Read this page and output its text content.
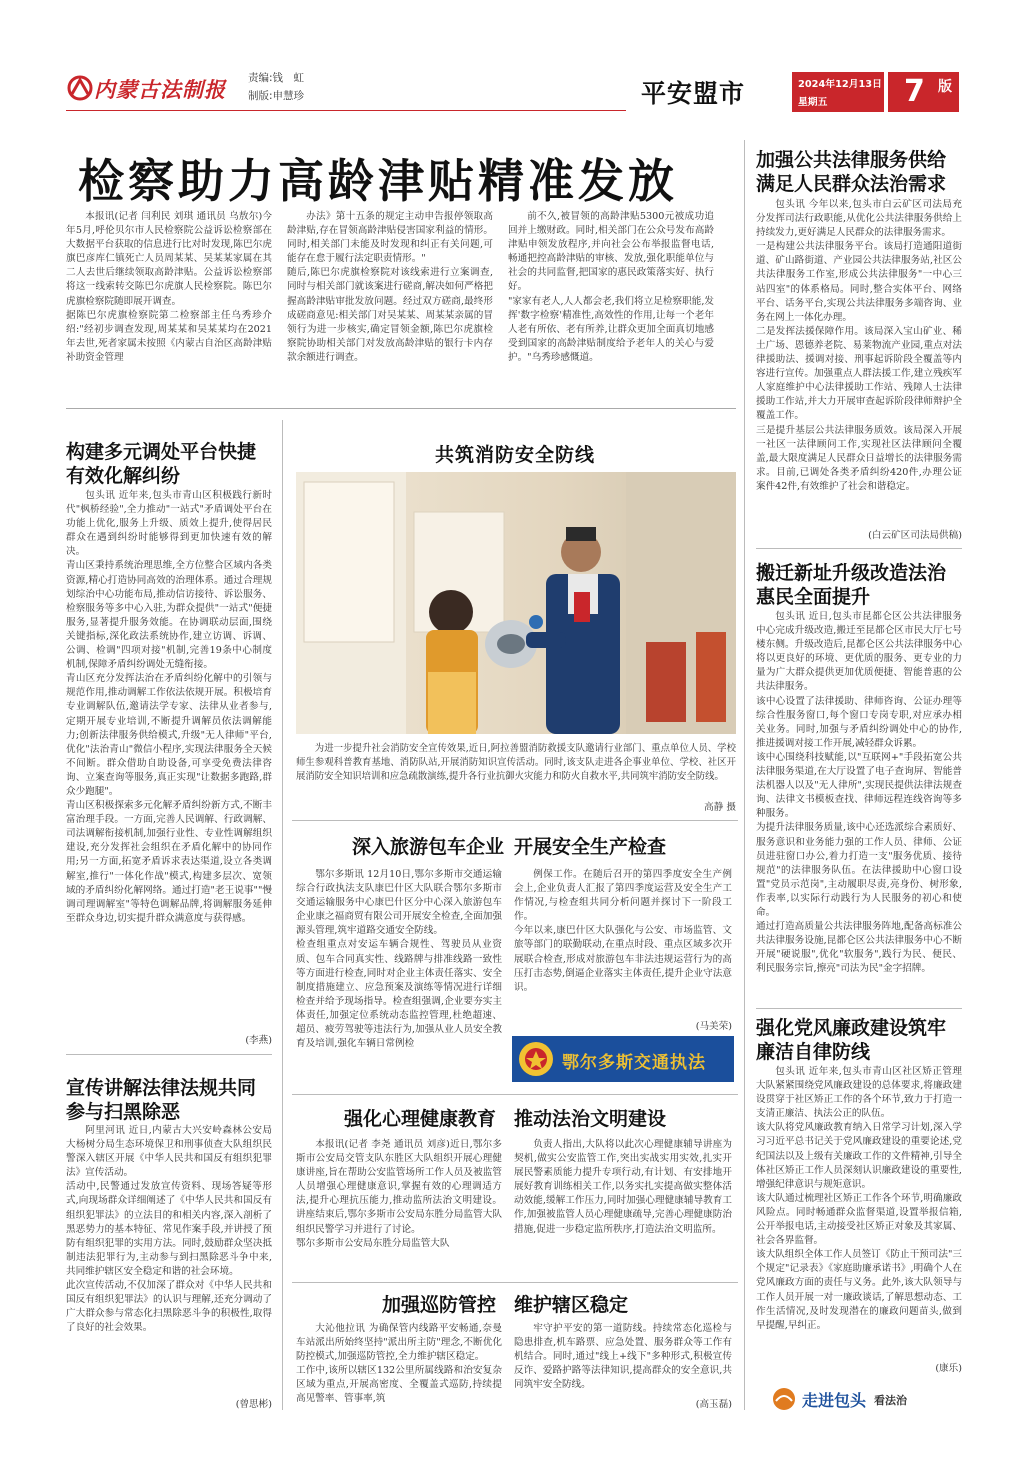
内蒙古法制报 责编:钱　虹
制版:申慧珍	平安盟市	2024年12月13日
星期五	7 版
检察助力高龄津贴精准发放
本报讯(记者 闫利民 刘琪 通讯员 乌敖尔)今年5月,呼伦贝尔市人民检察院公益诉讼检察部在大数据平台获取的信息进行比对时发现,陈巴尔虎旗巴彦库仁镇死亡人员周某某、吴某某家属在其二人去世后继续领取高龄津贴。公益诉讼检察部将这一线索转交陈巴尔虎旗人民检察院。陈巴尔虎旗检察院随即展开调查。
据陈巴尔虎旗检察院第二检察部主任乌秀珍介绍:"经初步调查发现,周某某和吴某某均在2021年去世,死者家属未按照《内蒙古自治区高龄津贴补助资金管理
办法》第十五条的规定主动申告报停领取高龄津贴,存在冒领高龄津贴侵害国家利益的情形。同时,相关部门未能及时发现和纠正有关问题,可能存在怠于履行法定职责情形。"
随后,陈巴尔虎旗检察院对该线索进行立案调查,同时与相关部门就该案进行磋商,解决如何严格把握高龄津贴审批发放问题。经过双方磋商,最终形成磋商意见:相关部门对吴某某、周某某亲属的冒领行为进一步核实,确定冒领金额,陈巴尔虎旗检察院协助相关部门对发放高龄津贴的银行卡内存款余额进行调查。
前不久,被冒领的高龄津贴5300元被成功追回并上缴财政。同时,相关部门在公众号发布高龄津贴申领发放程序,并向社会公布举报监督电话,畅通把控高龄津贴的审核、发放,强化职能单位与社会的共同监督,把国家的惠民政策落实好、执行好。
"家家有老人,人人都会老,我们将立足检察职能,发挥'数字检察'精准性,高效性的作用,让每一个老年人老有所依、老有所养,让群众更加全面真切地感受到国家的高龄津贴制度给予老年人的关心与爱护。"乌秀珍感慨道。
加强公共法律服务供给满足人民群众法治需求
包头讯 今年以来,包头市白云矿区司法局充分发挥司法行政职能,从优化公共法律服务供给上持续发力,更好满足人民群众的法律服务需求。
一是构建公共法律服务平台。该局打造通阳道街道、矿山路街道、产业园公共法律服务站,社区公共法律服务工作室,形成公共法律服务"一中心三站四室"的体系格局。同时,整合实体平台、网络平台、话务平台,实现公共法律服务多端咨询、业务在网上一体化办理。
二是发挥法援保障作用。该局深入宝山矿业、稀土广场、恩德养老院、易莱物流产业园,重点对法律援助法、援调对接、刑事起诉阶段全覆盖等内容进行宣传。加强重点人群法援工作,建立残疾军人家庭维护中心法律援助工作站、残障人士法律援助工作站,并大力开展审查起诉阶段律师辩护全覆盖工作。
三是提升基层公共法律服务质效。该局深入开展一社区一法律顾问工作,实现社区法律顾问全覆盖,最大限度满足人民群众日益增长的法律服务需求。目前,已调处各类矛盾纠纷420件,办理公证案件42件,有效维护了社会和谐稳定。
(白云矿区司法局供稿)
搬迁新址升级改造法治惠民全面提升
包头讯 近日,包头市昆都仑区公共法律服务中心完成升级改造,搬迁至昆都仑区市民大厅七号楼东侧。升级改造后,昆都仑区公共法律服务中心将以更良好的环境、更优质的服务、更专业的力量为广大群众提供更加优质便捷、智能普惠的公共法律服务。
该中心设置了法律援助、律师咨询、公证办理等综合性服务窗口,每个窗口专岗专职,对应承办相关业务。同时,加强与矛盾纠纷调处中心的协作,推进援调对接工作开展,减轻群众诉累。
该中心围绕科技赋能,以"互联网+"手段拓宽公共法律服务渠道,在大厅设置了电子查询屏、智能普法机器人以及"无人律所",实现民提供法律法规查询、法律文书模板查找、律师远程连线咨询等多种服务。
为提升法律服务质量,该中心还选派综合素质好、服务意识和业务能力强的工作人员、律师、公证员进驻窗口办公,着力打造一支"服务优质、接待规范"的法律服务队伍。在法律援助中心窗口设置"党员示范岗",主动履职尽责,亮身份、树形象,作表率,以实际行动践行为人民服务的初心和使命。
通过打造高质量公共法律服务阵地,配备高标准公共法律服务设施,昆都仑区公共法律服务中心不断开展"硬说服",优化"软服务",践行为民、便民、利民服务宗旨,擦亮"司法为民"金字招牌。
强化党风廉政建设筑牢廉洁自律防线
包头讯 近年来,包头市青山区社区矫正管理大队紧紧围绕党风廉政建设的总体要求,将廉政建设贯穿于社区矫正工作的各个环节,致力于打造一支清正廉洁、执法公正的队伍。
该大队将党风廉政教育纳入日常学习计划,深入学习习近平总书记关于党风廉政建设的重要论述,党纪国法以及上级有关廉政工作的文件精神,引导全体社区矫正工作人员深刻认识廉政建设的重要性,增强纪律意识与规矩意识。
该大队通过梳理社区矫正工作各个环节,明确廉政风险点。同时畅通群众监督渠道,设置举报信箱,公开举报电话,主动接受社区矫正对象及其家属、社会各界监督。
该大队组织全体工作人员签订《防止干预司法"三个规定"记录表》《家庭助廉承诺书》,明确个人在党风廉政方面的责任与义务。此外,该大队领导与工作人员开展一对一廉政谈话,了解思想动态、工作生活情况,及时发现潜在的廉政问题苗头,做到早提醒,早纠正。
(康乐)
构建多元调处平台快捷有效化解纠纷
包头讯 近年来,包头市青山区积极践行新时代"枫桥经验",全力推动"一站式"矛盾调处平台在功能上优化,服务上升级、质效上提升,使得居民群众在遇到纠纷时能够得到更加快速有效的解决。
青山区秉持系统治理思维,全方位整合区域内各类资源,精心打造协同高效的治理体系。通过合理规划综治中心功能布局,推动信访接待、诉讼服务、检察服务等多中心入驻,为群众提供"一站式"便捷服务,显著提升服务效能。在协调联动层面,围绕关键指标,深化政法系统协作,建立访调、诉调、公调、检调"四项对接"机制,完善19条中心制度机制,保障矛盾纠纷调处无缝衔接。
青山区充分发挥法治在矛盾纠纷化解中的引领与规范作用,推动调解工作依法依规开展。积极培育专业调解队伍,邀请法学专家、法律从业者参与,定期开展专业培训,不断提升调解员依法调解能力;创新法律服务供给模式,升级"无人律师"平台,优化"法治青山"微信小程序,实现法律服务全天候不间断。群众借助自助设备,可享受免费法律咨询、立案查询等服务,真正实现"让数据多跑路,群众少跑腿"。
青山区积极探索多元化解矛盾纠纷新方式,不断丰富治理手段。一方面,完善人民调解、行政调解、司法调解衔接机制,加强行业性、专业性调解组织建设,充分发挥社会组织在矛盾化解中的协同作用;另一方面,拓宽矛盾诉求表达渠道,设立各类调解室,推行"一体化作战"模式,构建多层次、宽领域的矛盾纠纷化解网络。通过打造"老王说事""慢调司理调解室"等特色调解品牌,将调解服务延伸至群众身边,切实提升群众满意度与获得感。
(李燕)
宣传讲解法律法规共同参与扫黑除恶
阿里河讯 近日,内蒙古大兴安岭森林公安局大杨树分局生态环境保卫和刑事侦查大队组织民警深入辖区开展《中华人民共和国反有组织犯罪法》宣传活动。
活动中,民警通过发放宣传资料、现场答疑等形式,向现场群众详细阐述了《中华人民共和国反有组织犯罪法》的立法目的和相关内容,深入剖析了黑恶势力的基本特征、常见作案手段,并讲授了预防有组织犯罪的实用方法。同时,鼓励群众坚决抵制违法犯罪行为,主动参与到扫黑除恶斗争中来,共同维护辖区安全稳定和谐的社会环境。
此次宣传活动,不仅加深了群众对《中华人民共和国反有组织犯罪法》的认识与理解,还充分调动了广大群众参与常态化扫黑除恶斗争的积极性,取得了良好的社会效果。
(曾思彬)
共筑消防安全防线
为进一步提升社会消防安全宣传效果,近日,阿拉善盟消防救援支队邀请行业部门、重点单位人员、学校师生参观科普教育基地、消防队站,开展消防知识宣传活动。同时,该支队走进各企事业单位、学校、社区开展消防安全知识培训和应急疏散演练,提升各行业抗御火灾能力和防火自救水平,共同筑牢消防安全防线。
高静 摄
深入旅游包车企业 开展安全生产检查
鄂尔多斯讯 12月10日,鄂尔多斯市交通运输综合行政执法支队康巴什区大队联合鄂尔多斯市交通运输服务中心康巴什区分中心深入旅游包车企业康之福商贸有限公司开展安全检查,全面加强源头管理,筑牢道路交通安全防线。
检查组重点对安运车辆合规性、驾驶员从业资质、包车合同真实性、线路牌与排准线路一致性等方面进行检查,同时对企业主体责任落实、安全制度措施建立、应急预案及演练等情况进行详细检查并给予现场指导。检查组强调,企业要夯实主体责任,加强定位系统动态监控管理,杜绝超速、超员、疲劳驾驶等违法行为,加强从业人员安全教育及培训,强化车辆日常例检
例保工作。在随后召开的第四季度安全生产例会上,企业负责人汇报了第四季度运营及安全生产工作情况,与检查组共同分析问题并探讨下一阶段工作。
今年以来,康巴什区大队强化与公安、市场监管、文旅等部门的联勤联动,在重点时段、重点区域多次开展联合检查,形成对旅游包车非法违规运营行为的高压打击态势,倒逼企业落实主体责任,提升企业守法意识。
(马美荣)
鄂尔多斯交通执法
强化心理健康教育 推动法治文明建设
本报讯(记者 李尧 通讯员 刘彦)近日,鄂尔多斯市公安局交管支队东胜区大队组织开展心理健康讲座,旨在帮助公安监管场所工作人员及被监管人员增强心理健康意识,掌握有效的心理调适方法,提升心理抗压能力,推动监所法治文明建设。讲座结束后,鄂尔多斯市公安局东胜分局监管大队组织民警学习并进行了讨论。
鄂尔多斯市公安局东胜分局监管大队
负责人指出,大队将以此次心理健康辅导讲座为契机,做实公安监管工作,突出实战实用实效,扎实开展民警素质能力提升专项行动,有计划、有安排地开展好教育训练相关工作,以务实扎实提高做实整体活动效能,缓解工作压力,同时加强心理健康辅导教育工作,加强被监管人员心理健康疏导,完善心理健康防治措施,促进一步稳定监所秩序,打造法治文明监所。
加强巡防管控 维护辖区稳定
大沁他拉讯 为确保管内线路平安畅通,奈曼车站派出所始终坚持"派出所主防"理念,不断优化防控模式,加强巡防管控,全力维护辖区稳定。
工作中,该所以辖区132公里所属线路和治安复杂区域为重点,开展高密度、全覆盖式巡防,持续提高见警率、管事率,筑
牢守护平安的第一道防线。持续常态化巡检与隐患排查,机车路票、应急处置、服务群众等工作有机结合。同时,通过"线上+线下"多种形式,积极宣传反诈、爱路护路等法律知识,提高群众的安全意识,共同筑牢安全防线。
(高玉磊)	走进包头 看法治
